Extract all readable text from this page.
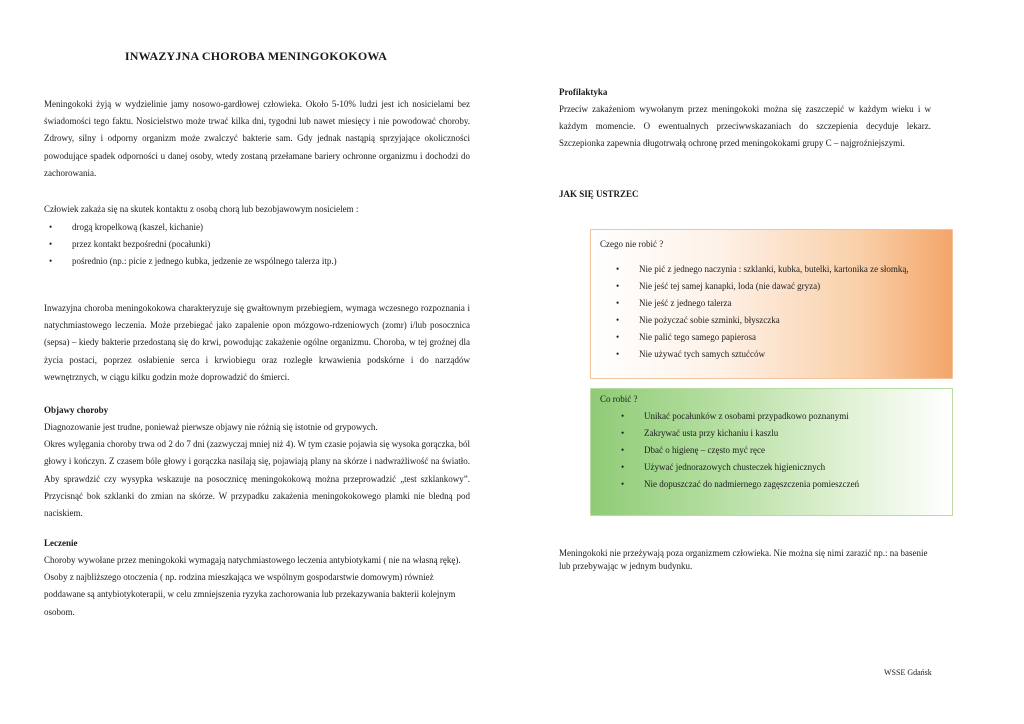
INWAZYJNA CHOROBA MENINGOKOKOWA

Meningokoki żyją w wydzielinie jamy nosowo-gardłowej człowieka. Około 5-10% ludzi jest ich nosicielami bez świadomości tego faktu. Nosicielstwo może trwać kilka dni, tygodni lub nawet miesięcy i nie powodować choroby. Zdrowy, silny i odporny organizm może zwalczyć bakterie sam. Gdy jednak nastąpią sprzyjające okoliczności powodujące spadek odporności u danej osoby, wtedy zostaną przełamane bariery ochronne organizmu i dochodzi do zachorowania.

Człowiek zakaża się na skutek kontaktu z osobą chorą lub bezobjawowym nosicielem :
• drogą kropelkową (kaszel, kichanie)
• przez kontakt bezpośredni (pocałunki)
• pośrednio (np.: picie z jednego kubka, jedzenie ze wspólnego talerza itp.)

Inwazyjna choroba meningokokowa charakteryzuje się gwałtownym przebiegiem, wymaga wczesnego rozpoznania i natychmiastowego leczenia. Może przebiegać jako zapalenie opon mózgowo-rdzeniowych (zomr) i/lub posocznica (sepsa) – kiedy bakterie przedostaną się do krwi, powodując zakażenie ogólne organizmu. Choroba, w tej groźnej dla życia postaci, poprzez osłabienie serca i krwiobiegu oraz rozległe krwawienia podskórne i do narządów wewnętrznych, w ciągu kilku godzin może doprowadzić do śmierci.

Objawy choroby
Diagnozowanie jest trudne, ponieważ pierwsze objawy nie różnią się istotnie od grypowych.

Okres wylęgania choroby trwa od 2 do 7 dni (zazwyczaj mniej niż 4). W tym czasie pojawia się wysoka gorączka, ból głowy i kończyn. Z czasem bóle głowy i gorączka nasilają się, pojawiają plany na skórze i nadwrażliwość na światło. Aby sprawdzić czy wysypka wskazuje na posocznicę meningokokową można przeprowadzić „test szklankowy”. Przycisnąć bok szklanki do zmian na skórze. W przypadku zakażenia meningokokowego plamki nie bledną pod naciskiem.

Leczenie

Choroby wywołane przez meningokoki wymagają natychmiastowego leczenia antybiotykami ( nie na własną rękę). Osoby z najbliższego otoczenia ( np. rodzina mieszkająca we wspólnym gospodarstwie domowym) również poddawane są antybiotykoterapii, w celu zmniejszenia ryzyka zachorowania lub przekazywania bakterii kolejnym osobom.

Profilaktyka

Przeciw zakażeniom wywołanym przez meningokoki można się zaszczepić w każdym wieku i w każdym momencie. O ewentualnych przeciwwskazaniach do szczepienia decyduje lekarz. Szczepionka zapewnia długotrwałą ochronę przed meningokokami grupy C – najgroźniejszymi.

JAK SIĘ USTRZEC
Czego nie robić ?
• Nie pić z jednego naczynia : szklanki, kubka, butelki, kartonika ze słomką,
• Nie jeść tej samej kanapki, loda (nie dawać gryza)
• Nie jeść z jednego talerza
• Nie pożyczać sobie szminki, błyszczka
• Nie palić tego samego papierosa
• Nie używać tych samych sztućców
Co robić ?
• Unikać pocałunków z osobami przypadkowo poznanymi
• Zakrywać usta przy kichaniu i kaszlu
• Dbać o higienę – często myć ręce
• Używać jednorazowych chusteczek higienicznych
• Nie dopuszczać do nadmiernego zagęszczenia pomieszczeń

Meningokoki nie przeżywają poza organizmem człowieka. Nie można się nimi zarazić np.: na basenie lub przebywając w jednym budynku.

WSSE Gdańsk
